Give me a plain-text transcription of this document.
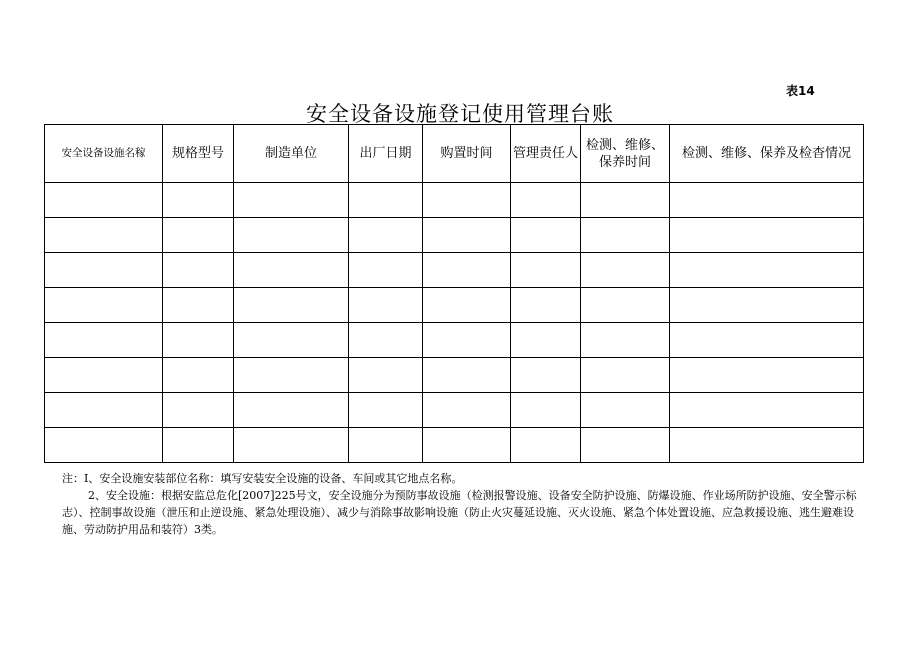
表14
安全设备设施登记使用管理台账
安全设备设施名稼	规格型号	制造单位	出厂日期	购置时间	管理责任人	检测、维修、
保养时间	检测、维修、保养及检杳情况

注：I、安全设施安装部位名称：填写安装安全设施的设备、车间或其它地点名称。

2、安全设施：根据安监总危化[2007]225号文，安全设施分为预防事故设施（检测报警设施、设备安全防护设施、防爆设施、作业场所防护设施、安全警示标志）、控制事故设施（泄压和止逆设施、紧急处理设施）、减少与消除事故影响设施（防止火灾蔓延设施、灭火设施、紧急个体处置设施、应急救援设施、逃生避难设施、劳动防护用品和装符）3类。
